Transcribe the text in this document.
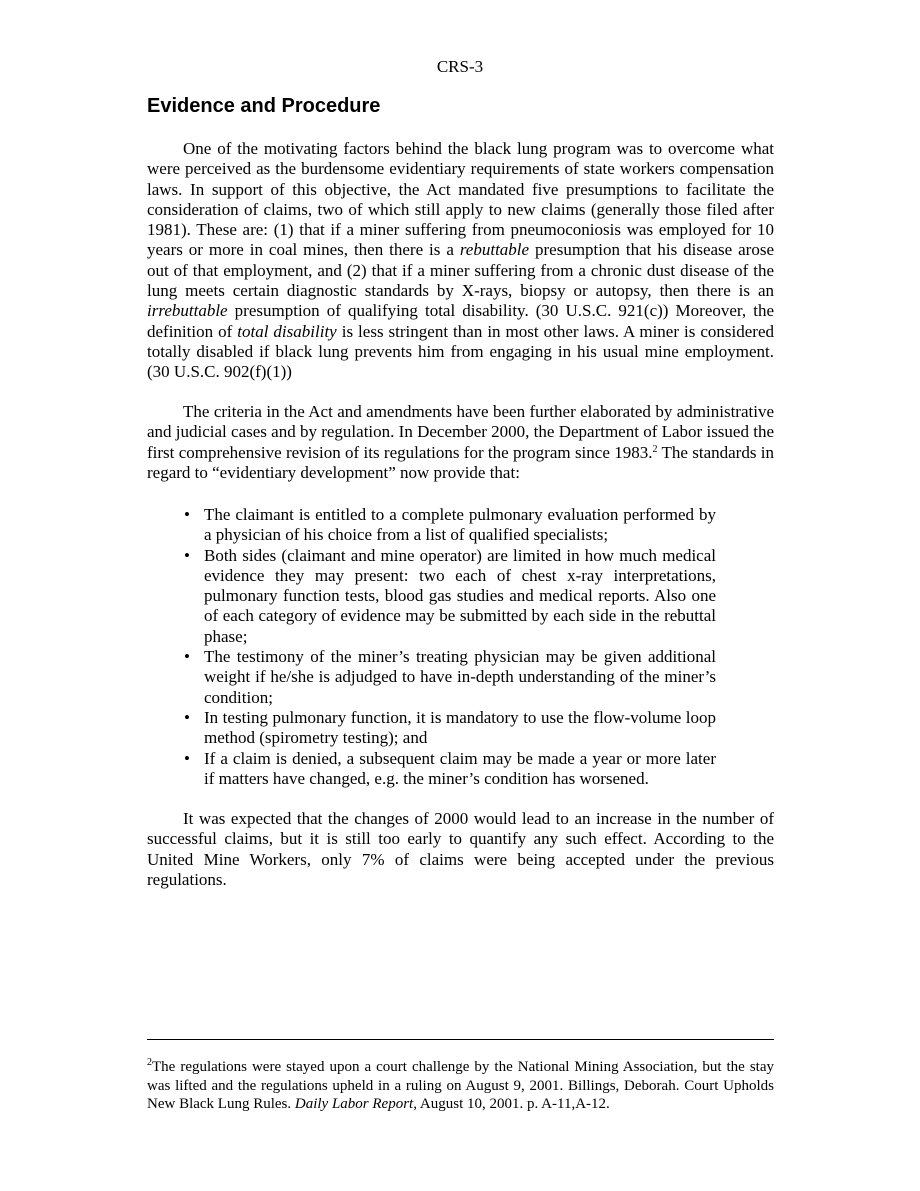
CRS-3
Evidence and Procedure

One of the motivating factors behind the black lung program was to overcome what were perceived as the burdensome evidentiary requirements of state workers compensation laws. In support of this objective, the Act mandated five presumptions to facilitate the consideration of claims, two of which still apply to new claims (generally those filed after 1981). These are: (1) that if a miner suffering from pneumoconiosis was employed for 10 years or more in coal mines, then there is a rebuttable presumption that his disease arose out of that employment, and (2) that if a miner suffering from a chronic dust disease of the lung meets certain diagnostic standards by X-rays, biopsy or autopsy, then there is an irrebuttable presumption of qualifying total disability. (30 U.S.C. 921(c)) Moreover, the definition of total disability is less stringent than in most other laws. A miner is considered totally disabled if black lung prevents him from engaging in his usual mine employment. (30 U.S.C. 902(f)(1))

The criteria in the Act and amendments have been further elaborated by administrative and judicial cases and by regulation. In December 2000, the Department of Labor issued the first comprehensive revision of its regulations for the program since 1983.$^2$ The standards in regard to “evidentiary development” now provide that:

• The claimant is entitled to a complete pulmonary evaluation performed by a physician of his choice from a list of qualified specialists;
• Both sides (claimant and mine operator) are limited in how much medical evidence they may present: two each of chest x-ray interpretations, pulmonary function tests, blood gas studies and medical reports. Also one of each category of evidence may be submitted by each side in the rebuttal phase;
• The testimony of the miner’s treating physician may be given additional weight if he/she is adjudged to have in-depth understanding of the miner’s condition;
• In testing pulmonary function, it is mandatory to use the flow-volume loop method (spirometry testing); and
• If a claim is denied, a subsequent claim may be made a year or more later if matters have changed, e.g. the miner’s condition has worsened.

It was expected that the changes of 2000 would lead to an increase in the number of successful claims, but it is still too early to quantify any such effect. According to the United Mine Workers, only 7% of claims were being accepted under the previous regulations.

$^2$The regulations were stayed upon a court challenge by the National Mining Association, but the stay was lifted and the regulations upheld in a ruling on August 9, 2001. Billings, Deborah. Court Upholds New Black Lung Rules. Daily Labor Report, August 10, 2001. p. A-11,A-12.
